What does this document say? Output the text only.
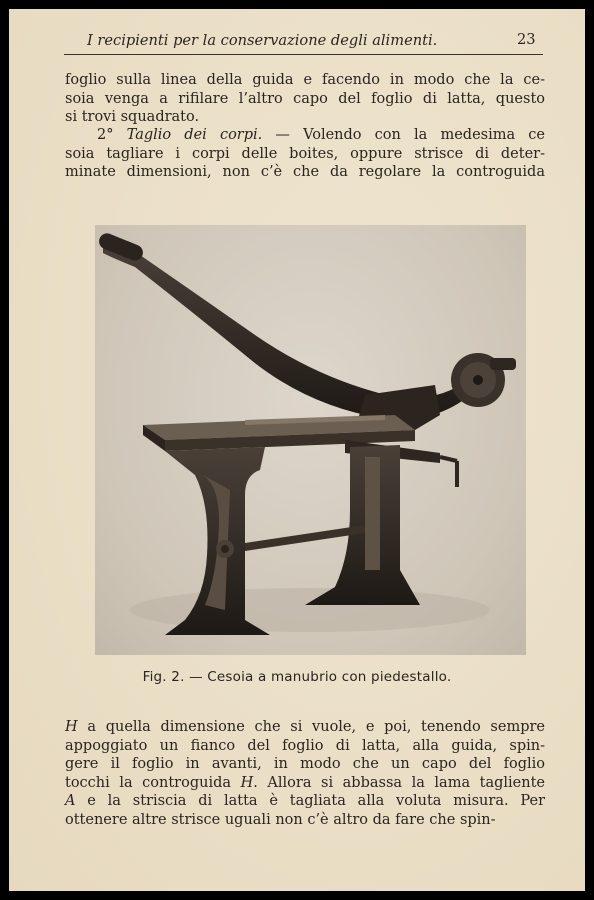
I recipienti per la conservazione degli alimenti.	23
foglio sulla linea della guida e facendo in modo che la ce-
soia venga a rifilare l’altro capo del foglio di latta, questo
si trovi squadrato.
2° Taglio dei corpi. — Volendo con la medesima ce
soia tagliare i corpi delle boites, oppure strisce di deter-
minate dimensioni, non c’è che da regolare la controguida
Fig. 2. — Cesoia a manubrio con piedestallo.
H a quella dimensione che si vuole, e poi, tenendo sempre
appoggiato un fianco del foglio di latta, alla guida, spin-
gere il foglio in avanti, in modo che un capo del foglio
tocchi la controguida H. Allora si abbassa la lama tagliente
A e la striscia di latta è tagliata alla voluta misura. Per
ottenere altre strisce uguali non c’è altro da fare che spin-
